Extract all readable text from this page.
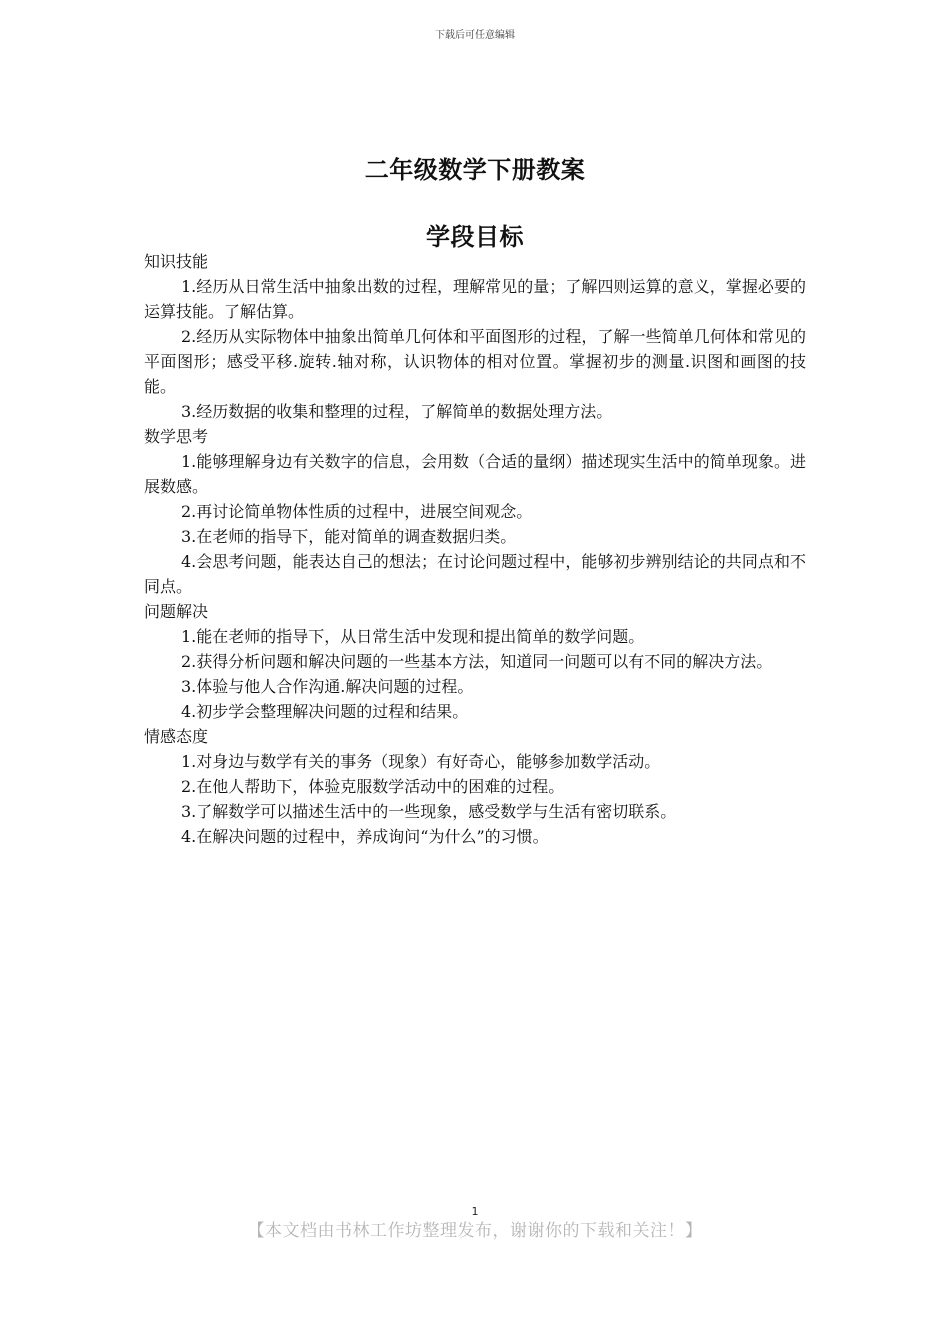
下载后可任意编辑
二年级数学下册教案
学段目标

知识技能

1.经历从日常生活中抽象出数的过程，理解常见的量；了解四则运算的意义，掌握必要的运算技能。了解估算。

2.经历从实际物体中抽象出简单几何体和平面图形的过程，了解一些简单几何体和常见的平面图形；感受平移.旋转.轴对称，认识物体的相对位置。掌握初步的测量.识图和画图的技能。

3.经历数据的收集和整理的过程，了解简单的数据处理方法。

数学思考

1.能够理解身边有关数字的信息，会用数（合适的量纲）描述现实生活中的简单现象。进展数感。

2.再讨论简单物体性质的过程中，进展空间观念。

3.在老师的指导下，能对简单的调查数据归类。

4.会思考问题，能表达自己的想法；在讨论问题过程中，能够初步辨别结论的共同点和不同点。

问题解决

1.能在老师的指导下，从日常生活中发现和提出简单的数学问题。

2.获得分析问题和解决问题的一些基本方法，知道同一问题可以有不同的解决方法。

3.体验与他人合作沟通.解决问题的过程。

4.初步学会整理解决问题的过程和结果。

情感态度

1.对身边与数学有关的事务（现象）有好奇心，能够参加数学活动。

2.在他人帮助下，体验克服数学活动中的困难的过程。

3.了解数学可以描述生活中的一些现象，感受数学与生活有密切联系。

4.在解决问题的过程中，养成询问“为什么”的习惯。

1
【本文档由书林工作坊整理发布，谢谢你的下载和关注！】
